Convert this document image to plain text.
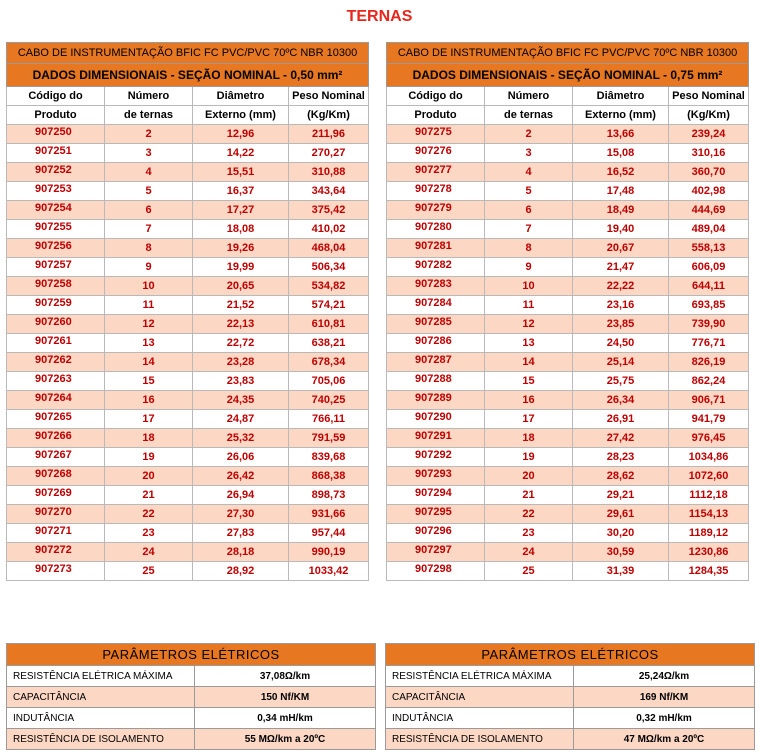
TERNAS
CABO DE INSTRUMENTAÇÃO BFIC FC PVC/PVC 70ºC NBR 10300			
DADOS DIMENSIONAIS - SEÇÃO NOMINAL - 0,50 mm²			
Código do	Número	Diâmetro	Peso Nominal
Produto	de ternas	Externo (mm)	(Kg/Km)
907250	2	12,96	211,96
907251	3	14,22	270,27
907252	4	15,51	310,88
907253	5	16,37	343,64
907254	6	17,27	375,42
907255	7	18,08	410,02
907256	8	19,26	468,04
907257	9	19,99	506,34
907258	10	20,65	534,82
907259	11	21,52	574,21
907260	12	22,13	610,81
907261	13	22,72	638,21
907262	14	23,28	678,34
907263	15	23,83	705,06
907264	16	24,35	740,25
907265	17	24,87	766,11
907266	18	25,32	791,59
907267	19	26,06	839,68
907268	20	26,42	868,38
907269	21	26,94	898,73
907270	22	27,30	931,66
907271	23	27,83	957,44
907272	24	28,18	990,19
907273	25	28,92	1033,42
CABO DE INSTRUMENTAÇÃO BFIC FC PVC/PVC 70ºC NBR 10300			
DADOS DIMENSIONAIS - SEÇÃO NOMINAL - 0,75 mm²			
Código do	Número	Diâmetro	Peso Nominal
Produto	de ternas	Externo (mm)	(Kg/Km)
907275	2	13,66	239,24
907276	3	15,08	310,16
907277	4	16,52	360,70
907278	5	17,48	402,98
907279	6	18,49	444,69
907280	7	19,40	489,04
907281	8	20,67	558,13
907282	9	21,47	606,09
907283	10	22,22	644,11
907284	11	23,16	693,85
907285	12	23,85	739,90
907286	13	24,50	776,71
907287	14	25,14	826,19
907288	15	25,75	862,24
907289	16	26,34	906,71
907290	17	26,91	941,79
907291	18	27,42	976,45
907292	19	28,23	1034,86
907293	20	28,62	1072,60
907294	21	29,21	1112,18
907295	22	29,61	1154,13
907296	23	30,20	1189,12
907297	24	30,59	1230,86
907298	25	31,39	1284,35
PARÂMETROS ELÉTRICOS	
RESISTÊNCIA ELÉTRICA MÁXIMA	37,08Ω/km
CAPACITÂNCIA	150 Nf/KM
INDUTÂNCIA	0,34 mH/km
RESISTÊNCIA DE ISOLAMENTO	55 MΩ/km a 20ºC
PARÂMETROS ELÉTRICOS	
RESISTÊNCIA ELÉTRICA MÁXIMA	25,24Ω/km
CAPACITÂNCIA	169 Nf/KM
INDUTÂNCIA	0,32 mH/km
RESISTÊNCIA DE ISOLAMENTO	47 MΩ/km a 20ºC
